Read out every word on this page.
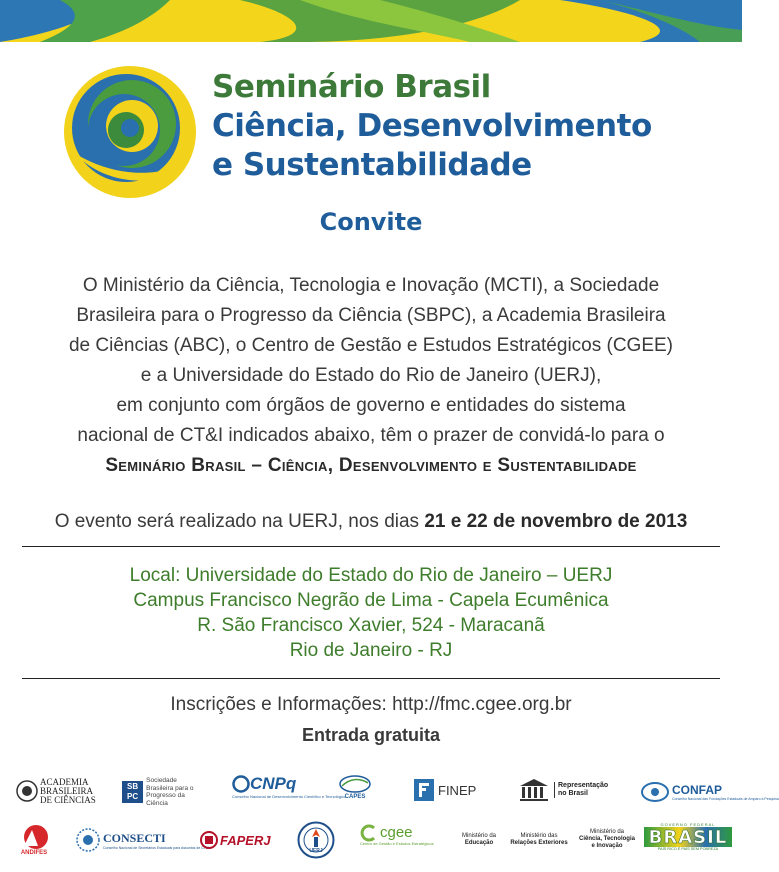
Seminário Brasil
Ciência, Desenvolvimento
e Sustentabilidade
Convite
O Ministério da Ciência, Tecnologia e Inovação (MCTI), a Sociedade
Brasileira para o Progresso da Ciência (SBPC), a Academia Brasileira
de Ciências (ABC), o Centro de Gestão e Estudos Estratégicos (CGEE)
e a Universidade do Estado do Rio de Janeiro (UERJ),
em conjunto com órgãos de governo e entidades do sistema
nacional de CT&I indicados abaixo, têm o prazer de convidá-lo para o
Seminário Brasil – Ciência, Desenvolvimento e Sustentabilidade
O evento será realizado na UERJ, nos dias 21 e 22 de novembro de 2013
Local: Universidade do Estado do Rio de Janeiro – UERJ
Campus Francisco Negrão de Lima - Capela Ecumênica
R. São Francisco Xavier, 524 - Maracanã
Rio de Janeiro - RJ
Inscrições e Informações: http://fmc.cgee.org.br
Entrada gratuita
ACADEMIA
BRASILEIRA
DE CIÊNCIAS
SB PC
Sociedade
Brasileira para o
Progresso da Ciência
CNPq
Conselho Nacional de Desenvolvimento Científico e Tecnológico
CAPES	FINEP	Representação
no Brasil	CONFAP
Conselho Nacional das Fundações Estaduais de Amparo à Pesquisa
ANDIFES
CONSECTI
Conselho Nacional de Secretários Estaduais para Assuntos de CT&I FAPERJ
UERJ
cgee
Centro de Gestão e Estudos Estratégicos
Ministério da
Educação
Ministério das
Relações Exteriores
Ministério da
Ciência, Tecnologia
e Inovação
GOVERNO FEDERAL
BRASIL
PAÍS RICO É PAÍS SEM POBREZA
